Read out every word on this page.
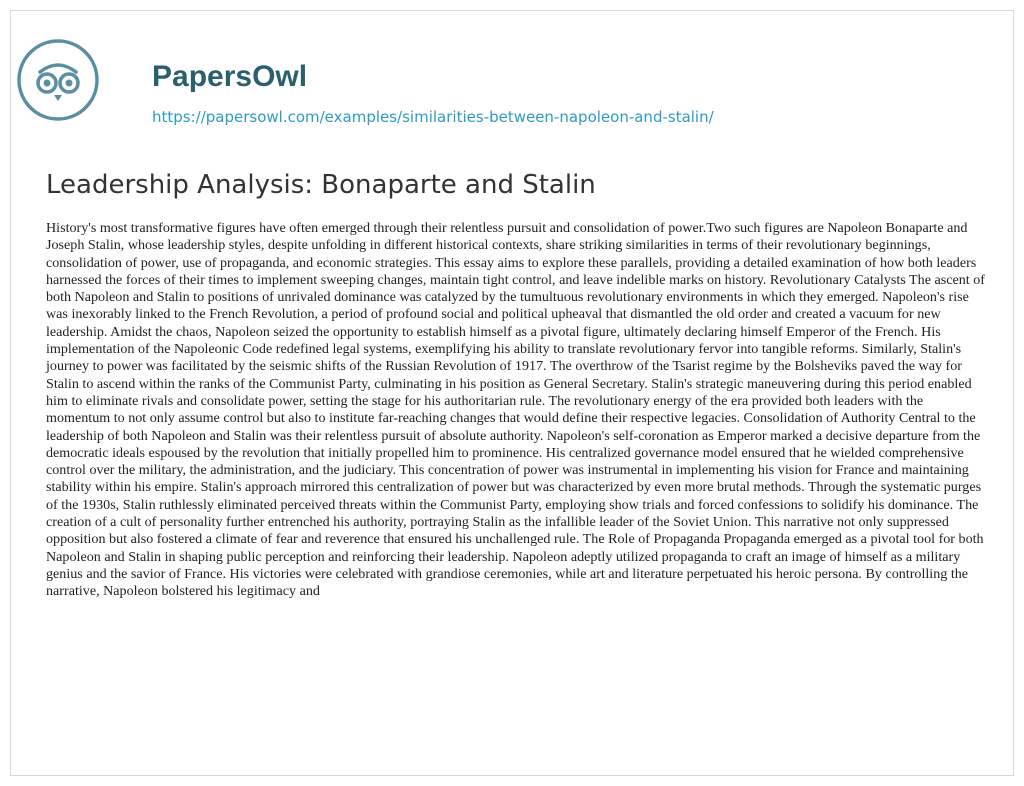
PapersOwl
https://papersowl.com/examples/similarities-between-napoleon-and-stalin/
Leadership Analysis: Bonaparte and Stalin

History's most transformative figures have often emerged through their relentless pursuit and consolidation of power.Two such figures are Napoleon Bonaparte and Joseph Stalin, whose leadership styles, despite unfolding in different historical contexts, share striking similarities in terms of their revolutionary beginnings, consolidation of power, use of propaganda, and economic strategies. This essay aims to explore these parallels, providing a detailed examination of how both leaders harnessed the forces of their times to implement sweeping changes, maintain tight control, and leave indelible marks on history. Revolutionary Catalysts The ascent of both Napoleon and Stalin to positions of unrivaled dominance was catalyzed by the tumultuous revolutionary environments in which they emerged. Napoleon's rise was inexorably linked to the French Revolution, a period of profound social and political upheaval that dismantled the old order and created a vacuum for new leadership. Amidst the chaos, Napoleon seized the opportunity to establish himself as a pivotal figure, ultimately declaring himself Emperor of the French. His implementation of the Napoleonic Code redefined legal systems, exemplifying his ability to translate revolutionary fervor into tangible reforms. Similarly, Stalin's journey to power was facilitated by the seismic shifts of the Russian Revolution of 1917. The overthrow of the Tsarist regime by the Bolsheviks paved the way for Stalin to ascend within the ranks of the Communist Party, culminating in his position as General Secretary. Stalin's strategic maneuvering during this period enabled him to eliminate rivals and consolidate power, setting the stage for his authoritarian rule. The revolutionary energy of the era provided both leaders with the momentum to not only assume control but also to institute far-reaching changes that would define their respective legacies. Consolidation of Authority Central to the leadership of both Napoleon and Stalin was their relentless pursuit of absolute authority. Napoleon's self-coronation as Emperor marked a decisive departure from the democratic ideals espoused by the revolution that initially propelled him to prominence. His centralized governance model ensured that he wielded comprehensive control over the military, the administration, and the judiciary. This concentration of power was instrumental in implementing his vision for France and maintaining stability within his empire. Stalin's approach mirrored this centralization of power but was characterized by even more brutal methods. Through the systematic purges of the 1930s, Stalin ruthlessly eliminated perceived threats within the Communist Party, employing show trials and forced confessions to solidify his dominance. The creation of a cult of personality further entrenched his authority, portraying Stalin as the infallible leader of the Soviet Union. This narrative not only suppressed opposition but also fostered a climate of fear and reverence that ensured his unchallenged rule. The Role of Propaganda Propaganda emerged as a pivotal tool for both Napoleon and Stalin in shaping public perception and reinforcing their leadership. Napoleon adeptly utilized propaganda to craft an image of himself as a military genius and the savior of France. His victories were celebrated with grandiose ceremonies, while art and literature perpetuated his heroic persona. By controlling the narrative, Napoleon bolstered his legitimacy and
